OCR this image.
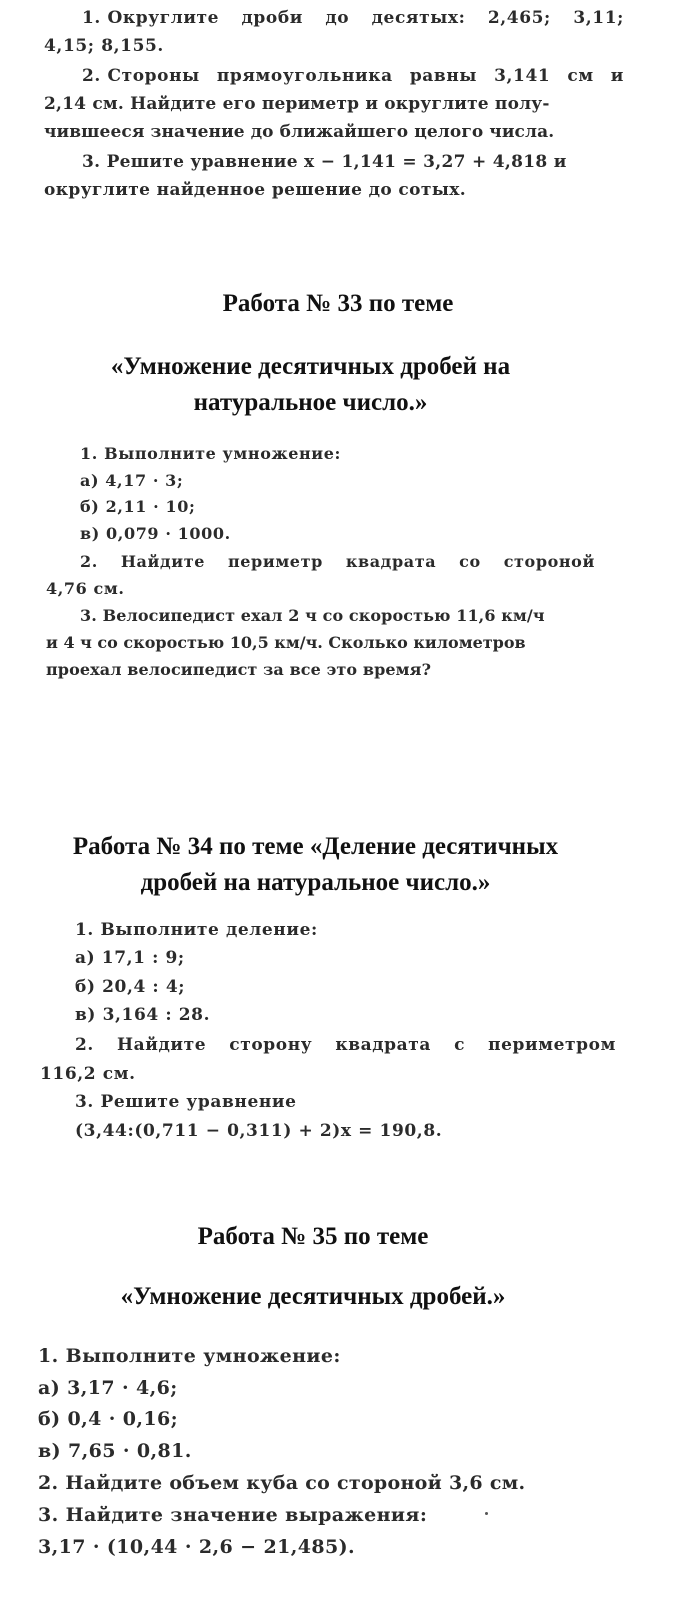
1. Округлите дроби до десятых: 2,465; 3,11;
4,15; 8,155.
2. Стороны прямоугольника равны 3,141 см и
2,14 см. Найдите его периметр и округлите полу-
чившееся значение до ближайшего целого числа.
3. Решите уравнение x − 1,141 = 3,27 + 4,818 и
округлите найденное решение до сотых.
Работа № 33 по теме
«Умножение десятичных дробей на
натуральное число.»
1. Выполните умножение:
а) 4,17 · 3;
б) 2,11 · 10;
в) 0,079 · 1000.
2. Найдите периметр квадрата со стороной
4,76 см.
3. Велосипедист ехал 2 ч со скоростью 11,6 км/ч
и 4 ч со скоростью 10,5 км/ч. Сколько километров
проехал велосипедист за все это время?
Работа № 34 по теме «Деление десятичных
дробей на натуральное число.»
1. Выполните деление:
а) 17,1 : 9;
б) 20,4 : 4;
в) 3,164 : 28.
2. Найдите сторону квадрата с периметром
116,2 см.
3. Решите уравнение
(3,44:(0,711 − 0,311) + 2)x = 190,8.
Работа № 35 по теме
«Умножение десятичных дробей.»
1. Выполните умножение:
а) 3,17 · 4,6;
б) 0,4 · 0,16;
в) 7,65 · 0,81.
2. Найдите объем куба со стороной 3,6 см.
3. Найдите значение выражения:
3,17 · (10,44 · 2,6 − 21,485).
